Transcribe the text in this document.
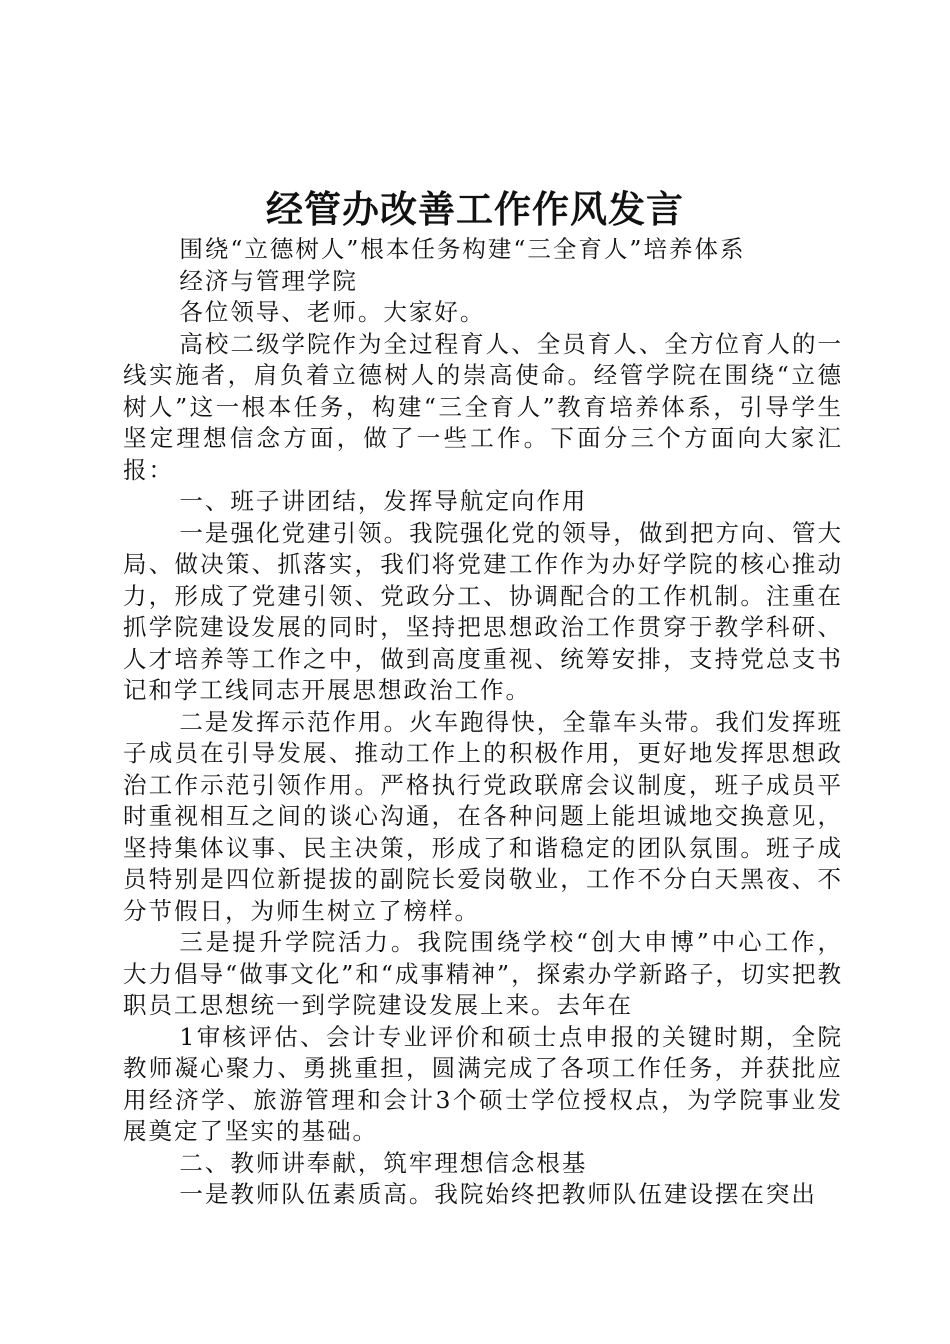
经管办改善工作作风发言

围绕“立德树人”根本任务构建“三全育人”培养体系

经济与管理学院

各位领导、老师。大家好。

高校二级学院作为全过程育人、全员育人、全方位育人的一线实施者，肩负着立德树人的崇高使命。经管学院在围绕“立德树人”这一根本任务，构建“三全育人”教育培养体系，引导学生坚定理想信念方面，做了一些工作。下面分三个方面向大家汇报：

一、班子讲团结，发挥导航定向作用

一是强化党建引领。我院强化党的领导，做到把方向、管大局、做决策、抓落实，我们将党建工作作为办好学院的核心推动力，形成了党建引领、党政分工、协调配合的工作机制。注重在抓学院建设发展的同时，坚持把思想政治工作贯穿于教学科研、人才培养等工作之中，做到高度重视、统筹安排，支持党总支书记和学工线同志开展思想政治工作。

二是发挥示范作用。火车跑得快，全靠车头带。我们发挥班子成员在引导发展、推动工作上的积极作用，更好地发挥思想政治工作示范引领作用。严格执行党政联席会议制度，班子成员平时重视相互之间的谈心沟通，在各种问题上能坦诚地交换意见，坚持集体议事、民主决策，形成了和谐稳定的团队氛围。班子成员特别是四位新提拔的副院长爱岗敬业，工作不分白天黑夜、不分节假日，为师生树立了榜样。

三是提升学院活力。我院围绕学校“创大申博”中心工作，大力倡导“做事文化”和“成事精神”，探索办学新路子，切实把教职员工思想统一到学院建设发展上来。去年在

1审核评估、会计专业评价和硕士点申报的关键时期，全院教师凝心聚力、勇挑重担，圆满完成了各项工作任务，并获批应用经济学、旅游管理和会计3个硕士学位授权点，为学院事业发展奠定了坚实的基础。

二、教师讲奉献，筑牢理想信念根基

一是教师队伍素质高。我院始终把教师队伍建设摆在突出
